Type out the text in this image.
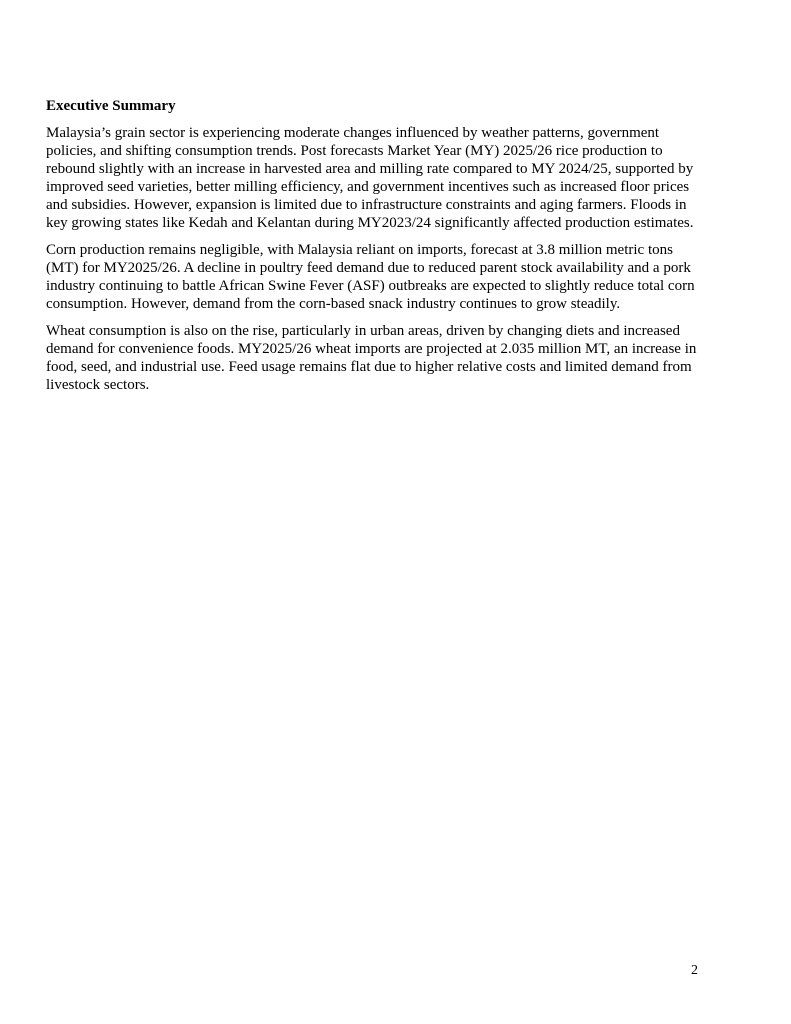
Executive Summary

Malaysia’s grain sector is experiencing moderate changes influenced by weather patterns, government policies, and shifting consumption trends. Post forecasts Market Year (MY) 2025/26 rice production to rebound slightly with an increase in harvested area and milling rate compared to MY 2024/25, supported by improved seed varieties, better milling efficiency, and government incentives such as increased floor prices and subsidies. However, expansion is limited due to infrastructure constraints and aging farmers. Floods in key growing states like Kedah and Kelantan during MY2023/24 significantly affected production estimates.

Corn production remains negligible, with Malaysia reliant on imports, forecast at 3.8 million metric tons (MT) for MY2025/26. A decline in poultry feed demand due to reduced parent stock availability and a pork industry continuing to battle African Swine Fever (ASF) outbreaks are expected to slightly reduce total corn consumption. However, demand from the corn-based snack industry continues to grow steadily.

Wheat consumption is also on the rise, particularly in urban areas, driven by changing diets and increased demand for convenience foods. MY2025/26 wheat imports are projected at 2.035 million MT, an increase in food, seed, and industrial use. Feed usage remains flat due to higher relative costs and limited demand from livestock sectors.

2
